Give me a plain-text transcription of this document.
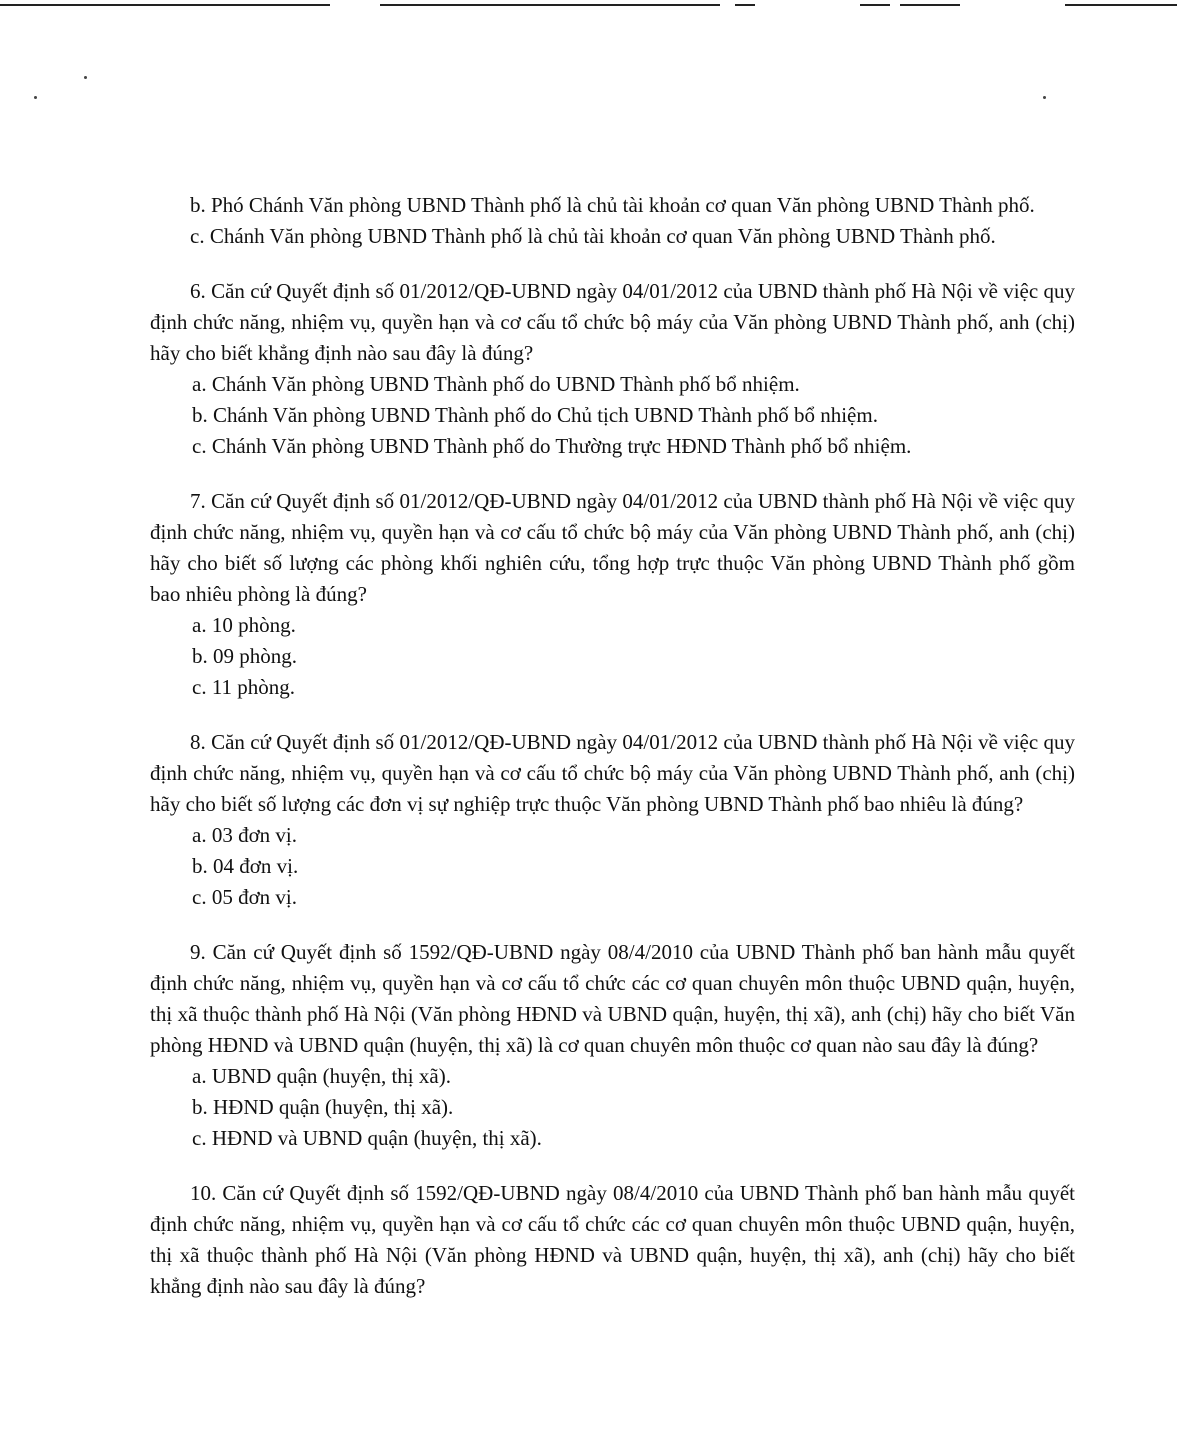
b. Phó Chánh Văn phòng UBND Thành phố là chủ tài khoản cơ quan Văn phòng UBND Thành phố.

c. Chánh Văn phòng UBND Thành phố là chủ tài khoản cơ quan Văn phòng UBND Thành phố.

6. Căn cứ Quyết định số 01/2012/QĐ-UBND ngày 04/01/2012 của UBND thành phố Hà Nội về việc quy định chức năng, nhiệm vụ, quyền hạn và cơ cấu tổ chức bộ máy của Văn phòng UBND Thành phố, anh (chị) hãy cho biết khẳng định nào sau đây là đúng?

a. Chánh Văn phòng UBND Thành phố do UBND Thành phố bổ nhiệm.

b. Chánh Văn phòng UBND Thành phố do Chủ tịch UBND Thành phố bổ nhiệm.

c. Chánh Văn phòng UBND Thành phố do Thường trực HĐND Thành phố bổ nhiệm.

7. Căn cứ Quyết định số 01/2012/QĐ-UBND ngày 04/01/2012 của UBND thành phố Hà Nội về việc quy định chức năng, nhiệm vụ, quyền hạn và cơ cấu tổ chức bộ máy của Văn phòng UBND Thành phố, anh (chị) hãy cho biết số lượng các phòng khối nghiên cứu, tổng hợp trực thuộc Văn phòng UBND Thành phố gồm bao nhiêu phòng là đúng?

a. 10 phòng.

b. 09 phòng.

c. 11 phòng.

8. Căn cứ Quyết định số 01/2012/QĐ-UBND ngày 04/01/2012 của UBND thành phố Hà Nội về việc quy định chức năng, nhiệm vụ, quyền hạn và cơ cấu tổ chức bộ máy của Văn phòng UBND Thành phố, anh (chị) hãy cho biết số lượng các đơn vị sự nghiệp trực thuộc Văn phòng UBND Thành phố bao nhiêu là đúng?

a. 03 đơn vị.

b. 04 đơn vị.

c. 05 đơn vị.

9. Căn cứ Quyết định số 1592/QĐ-UBND ngày 08/4/2010 của UBND Thành phố ban hành mẫu quyết định chức năng, nhiệm vụ, quyền hạn và cơ cấu tổ chức các cơ quan chuyên môn thuộc UBND quận, huyện, thị xã thuộc thành phố Hà Nội (Văn phòng HĐND và UBND quận, huyện, thị xã), anh (chị) hãy cho biết Văn phòng HĐND và UBND quận (huyện, thị xã) là cơ quan chuyên môn thuộc cơ quan nào sau đây là đúng?

a. UBND quận (huyện, thị xã).

b. HĐND quận (huyện, thị xã).

c. HĐND và UBND quận (huyện, thị xã).

10. Căn cứ Quyết định số 1592/QĐ-UBND ngày 08/4/2010 của UBND Thành phố ban hành mẫu quyết định chức năng, nhiệm vụ, quyền hạn và cơ cấu tổ chức các cơ quan chuyên môn thuộc UBND quận, huyện, thị xã thuộc thành phố Hà Nội (Văn phòng HĐND và UBND quận, huyện, thị xã), anh (chị) hãy cho biết khẳng định nào sau đây là đúng?
